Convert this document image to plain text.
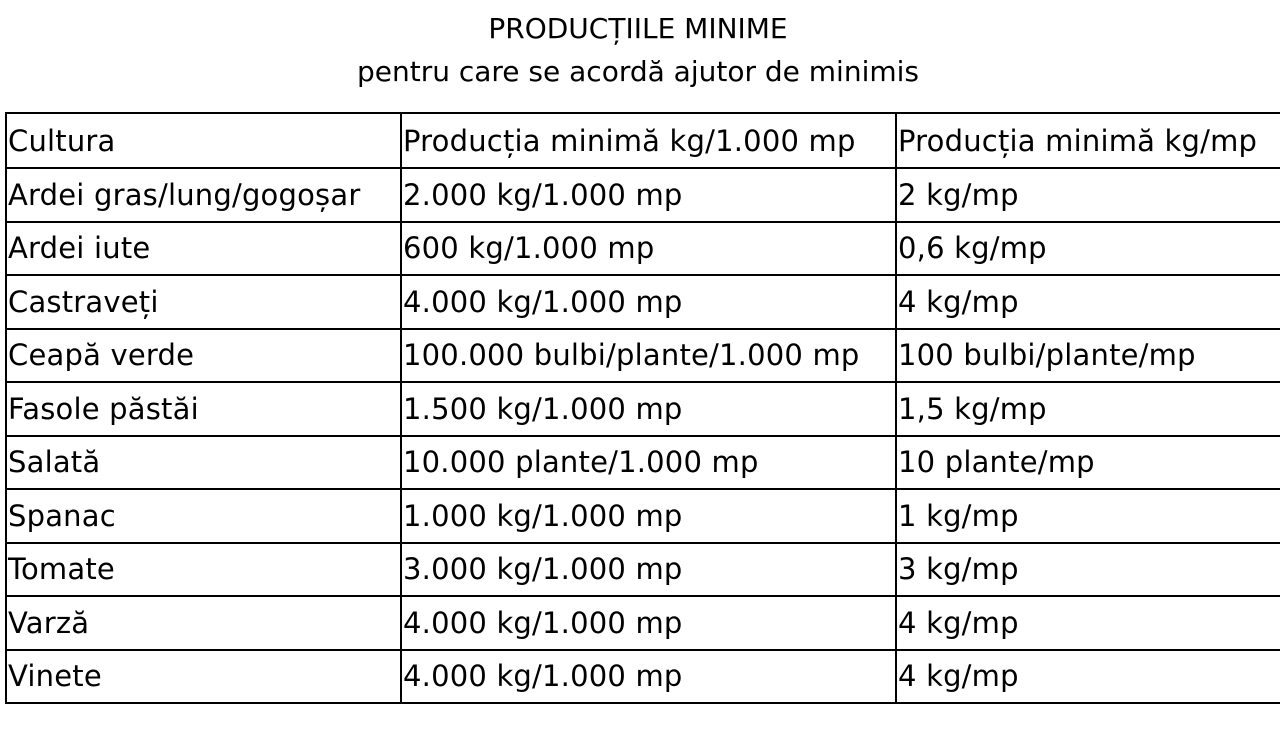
PRODUCȚIILE MINIME
pentru care se acordă ajutor de minimis
Cultura	Producția minimă kg/1.000 mp	Producția minimă kg/mp
Ardei gras/lung/gogoșar	2.000 kg/1.000 mp	2 kg/mp
Ardei iute	600 kg/1.000 mp	0,6 kg/mp
Castraveți	4.000 kg/1.000 mp	4 kg/mp
Ceapă verde	100.000 bulbi/plante/1.000 mp	100 bulbi/plante/mp
Fasole păstăi	1.500 kg/1.000 mp	1,5 kg/mp
Salată	10.000 plante/1.000 mp	10 plante/mp
Spanac	1.000 kg/1.000 mp	1 kg/mp
Tomate	3.000 kg/1.000 mp	3 kg/mp
Varză	4.000 kg/1.000 mp	4 kg/mp
Vinete	4.000 kg/1.000 mp	4 kg/mp
